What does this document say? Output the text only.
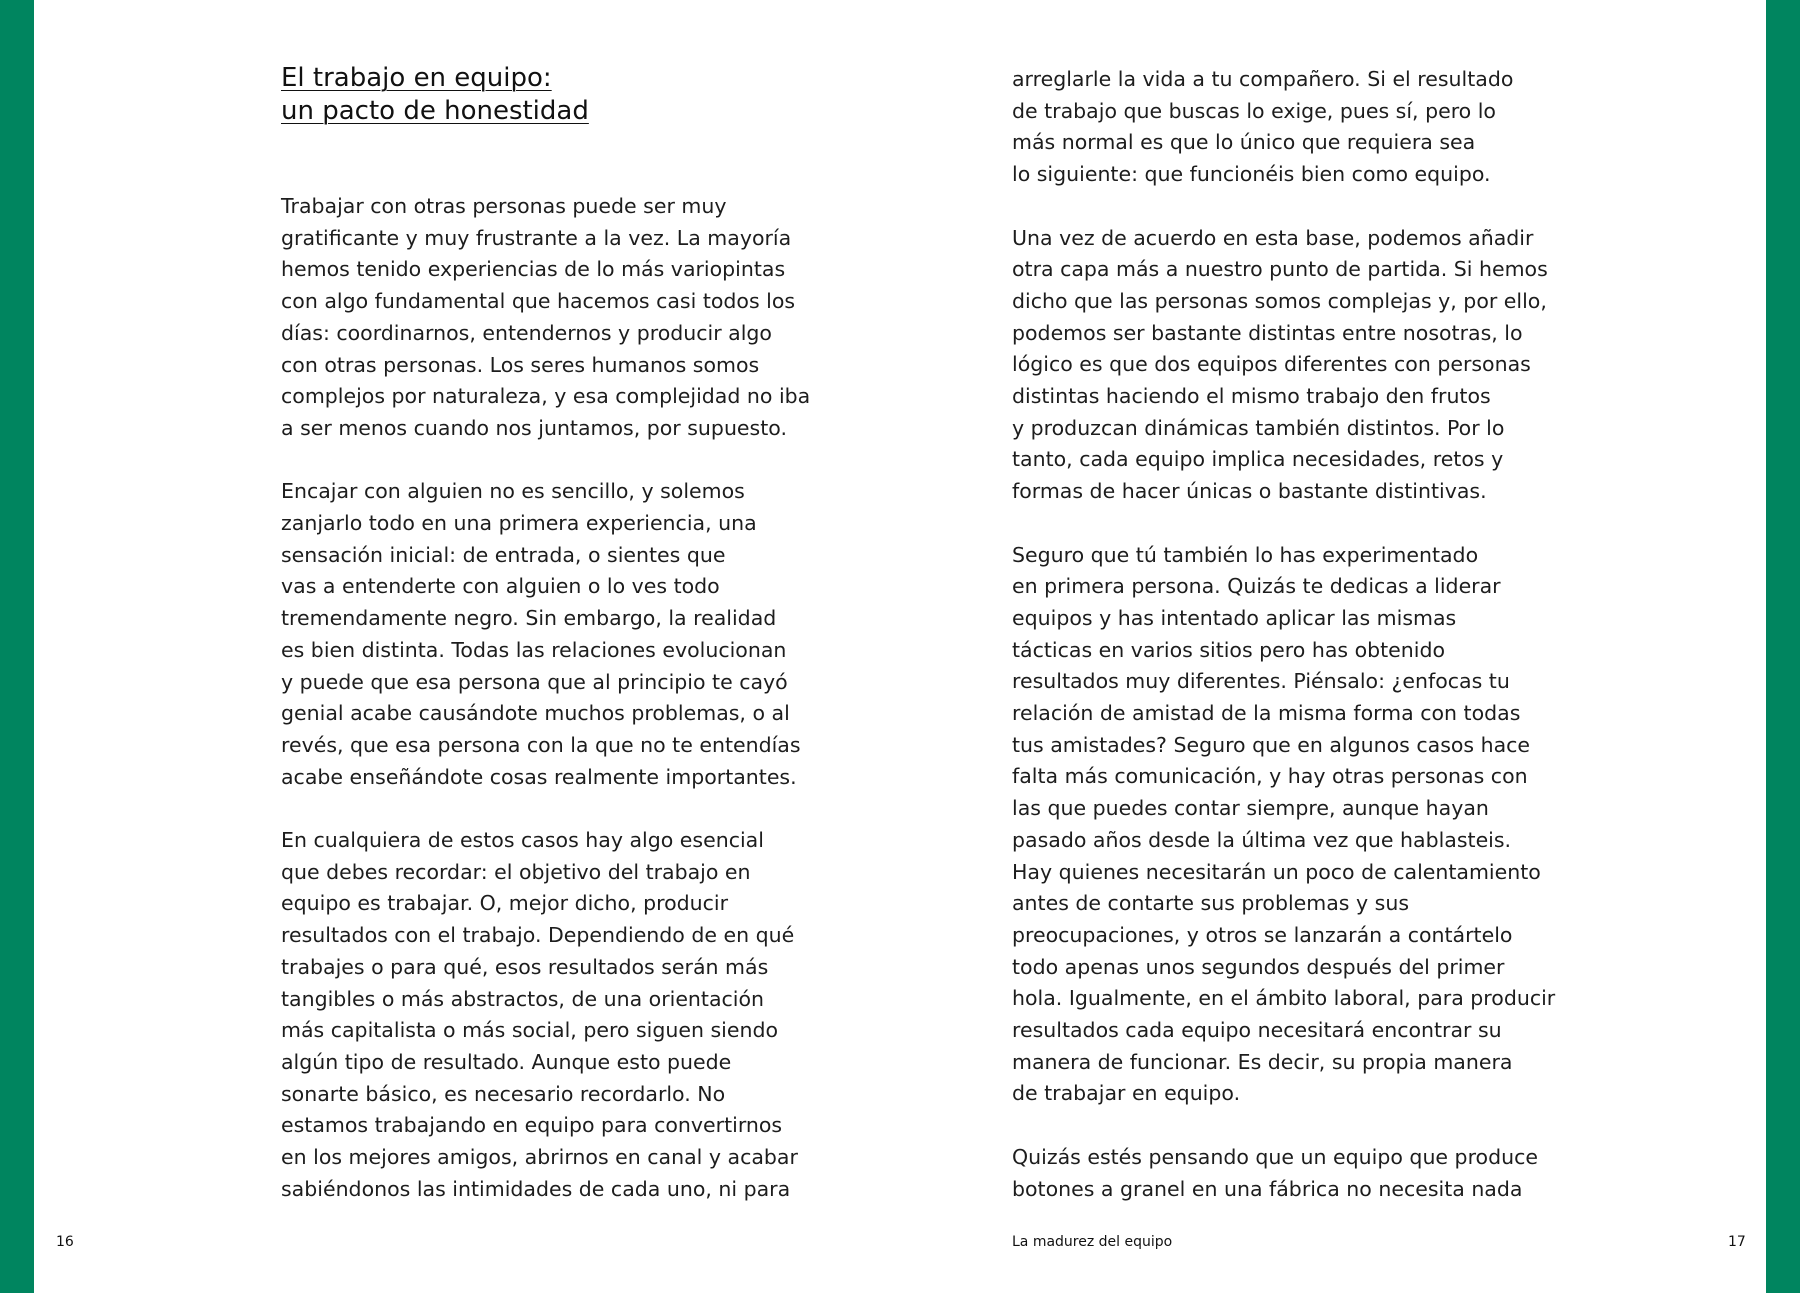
El trabajo en equipo:
un pacto de honestidad

Trabajar con otras personas puede ser muy
gratificante y muy frustrante a la vez. La mayoría
hemos tenido experiencias de lo más variopintas
con algo fundamental que hacemos casi todos los
días: coordinarnos, entendernos y producir algo
con otras personas. Los seres humanos somos
complejos por naturaleza, y esa complejidad no iba
a ser menos cuando nos juntamos, por supuesto.

Encajar con alguien no es sencillo, y solemos
zanjarlo todo en una primera experiencia, una
sensación inicial: de entrada, o sientes que
vas a entenderte con alguien o lo ves todo
tremendamente negro. Sin embargo, la realidad
es bien distinta. Todas las relaciones evolucionan
y puede que esa persona que al principio te cayó
genial acabe causándote muchos problemas, o al
revés, que esa persona con la que no te entendías
acabe enseñándote cosas realmente importantes.

En cualquiera de estos casos hay algo esencial
que debes recordar: el objetivo del trabajo en
equipo es trabajar. O, mejor dicho, producir
resultados con el trabajo. Dependiendo de en qué
trabajes o para qué, esos resultados serán más
tangibles o más abstractos, de una orientación
más capitalista o más social, pero siguen siendo
algún tipo de resultado. Aunque esto puede
sonarte básico, es necesario recordarlo. No
estamos trabajando en equipo para convertirnos
en los mejores amigos, abrirnos en canal y acabar
sabiéndonos las intimidades de cada uno, ni para

arreglarle la vida a tu compañero. Si el resultado
de trabajo que buscas lo exige, pues sí, pero lo
más normal es que lo único que requiera sea
lo siguiente: que funcionéis bien como equipo.

Una vez de acuerdo en esta base, podemos añadir
otra capa más a nuestro punto de partida. Si hemos
dicho que las personas somos complejas y, por ello,
podemos ser bastante distintas entre nosotras, lo
lógico es que dos equipos diferentes con personas
distintas haciendo el mismo trabajo den frutos
y produzcan dinámicas también distintos. Por lo
tanto, cada equipo implica necesidades, retos y
formas de hacer únicas o bastante distintivas.

Seguro que tú también lo has experimentado
en primera persona. Quizás te dedicas a liderar
equipos y has intentado aplicar las mismas
tácticas en varios sitios pero has obtenido
resultados muy diferentes. Piénsalo: ¿enfocas tu
relación de amistad de la misma forma con todas
tus amistades? Seguro que en algunos casos hace
falta más comunicación, y hay otras personas con
las que puedes contar siempre, aunque hayan
pasado años desde la última vez que hablasteis.
Hay quienes necesitarán un poco de calentamiento
antes de contarte sus problemas y sus
preocupaciones, y otros se lanzarán a contártelo
todo apenas unos segundos después del primer
hola. Igualmente, en el ámbito laboral, para producir
resultados cada equipo necesitará encontrar su
manera de funcionar. Es decir, su propia manera
de trabajar en equipo.

Quizás estés pensando que un equipo que produce
botones a granel en una fábrica no necesita nada

16	La madurez del equipo	17
